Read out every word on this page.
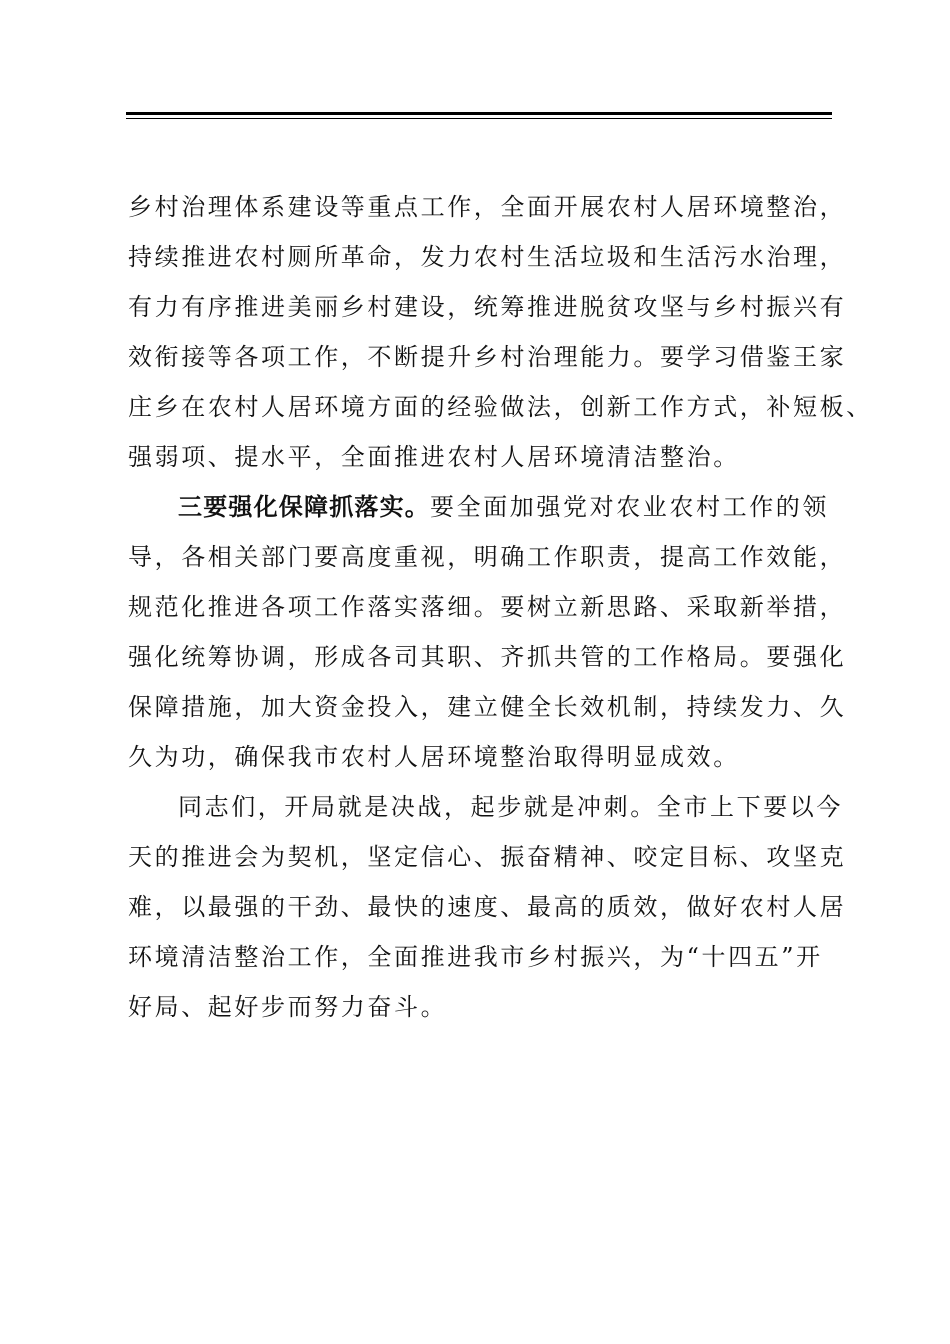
乡村治理体系建设等重点工作，全面开展农村人居环境整治，
持续推进农村厕所革命，发力农村生活垃圾和生活污水治理，
有力有序推进美丽乡村建设，统筹推进脱贫攻坚与乡村振兴有
效衔接等各项工作，不断提升乡村治理能力。要学习借鉴王家
庄乡在农村人居环境方面的经验做法，创新工作方式，补短板、
强弱项、提水平，全面推进农村人居环境清洁整治。
三要强化保障抓落实。要全面加强党对农业农村工作的领
导，各相关部门要高度重视，明确工作职责，提高工作效能，
规范化推进各项工作落实落细。要树立新思路、采取新举措，
强化统筹协调，形成各司其职、齐抓共管的工作格局。要强化
保障措施，加大资金投入，建立健全长效机制，持续发力、久
久为功，确保我市农村人居环境整治取得明显成效。
同志们，开局就是决战，起步就是冲刺。全市上下要以今
天的推进会为契机，坚定信心、振奋精神、咬定目标、攻坚克
难，以最强的干劲、最快的速度、最高的质效，做好农村人居
环境清洁整治工作，全面推进我市乡村振兴，为“十四五”开
好局、起好步而努力奋斗。
